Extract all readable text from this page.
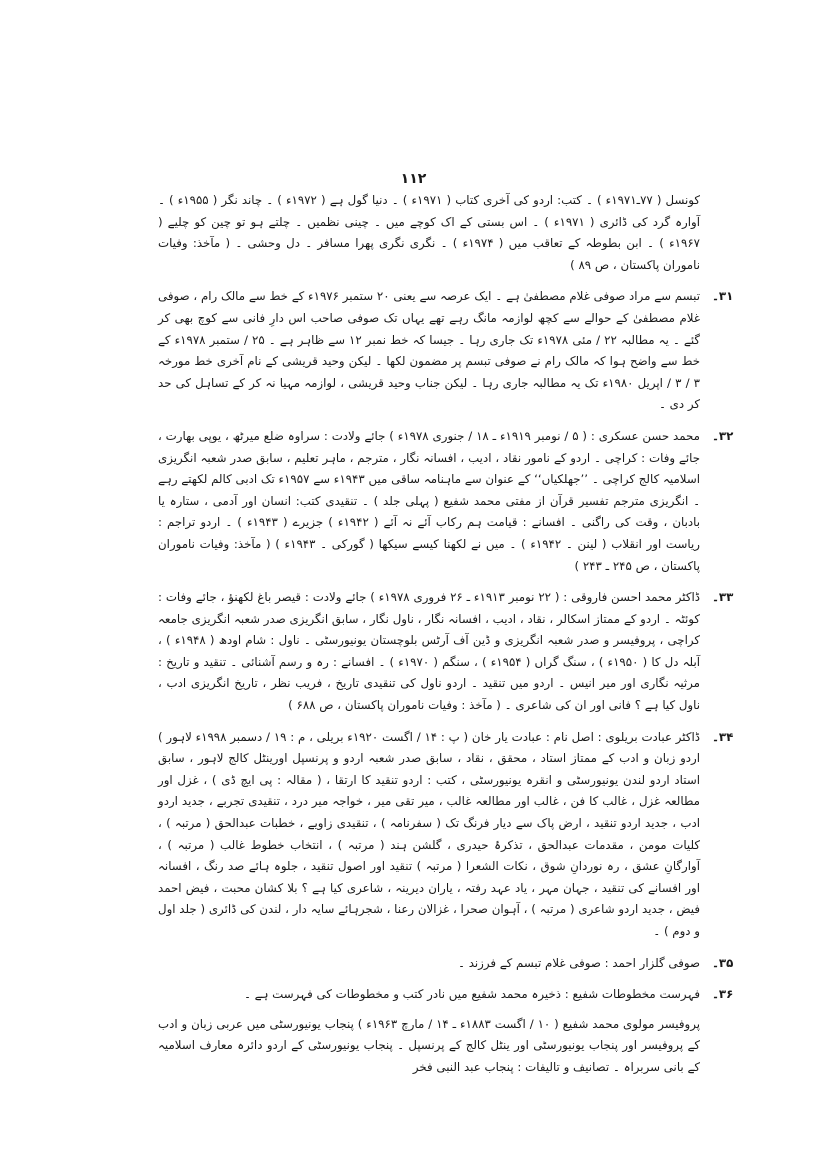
۱۱۲

کونسل ( ۷۷ـ۱۹۷۱ء ) ۔ کتب: اردو کی آخری کتاب ( ۱۹۷۱ء ) ۔ دنیا گول ہے ( ۱۹۷۲ء ) ۔ چاند نگر ( ۱۹۵۵ء ) ۔ آوارہ گرد کی ڈائری ( ۱۹۷۱ء ) ۔ اس بستی کے اک کوچے میں ۔ چینی نظمیں ۔ چلتے ہو تو چین کو چلیے ( ۱۹۶۷ء ) ۔ ابن بطوطہ کے تعاقب میں ( ۱۹۷۴ء ) ۔ نگری نگری پھرا مسافر ۔ دل وحشی ۔ ( مآخذ: وفیات ناموران پاکستان ، ص ۸۹ )

۳۱۔

تبسم سے مراد صوفی غلام مصطفیٰ ہے ۔ ایک عرصہ سے یعنی ۲۰ ستمبر ۱۹۷۶ء کے خط سے مالک رام ، صوفی غلام مصطفیٰ کے حوالے سے کچھ لوازمہ مانگ رہے تھے یہاں تک صوفی صاحب اس دارِ فانی سے کوچ بھی کر گئے ۔ یہ مطالبہ ۲۲ / مئی ۱۹۷۸ء تک جاری رہا ۔ جیسا کہ خط نمبر ۱۲ سے ظاہر ہے ۔ ۲۵ / ستمبر ۱۹۷۸ء کے خط سے واضح ہوا کہ مالک رام نے صوفی تبسم پر مضمون لکھا ۔ لیکن وحید قریشی کے نام آخری خط مورخہ ۳ / ۳ / اپریل ۱۹۸۰ء تک یہ مطالبہ جاری رہا ۔ لیکن جناب وحید قریشی ، لوازمہ مہیا نہ کر کے تساہل کی حد کر دی ۔

۳۲۔

محمد حسن عسکری : ( ۵ / نومبر ۱۹۱۹ء ـ ۱۸ / جنوری ۱۹۷۸ء ) جائے ولادت : سراوہ ضلع میرٹھ ، یوپی بھارت ، جائے وفات : کراچی ۔ اردو کے نامور نقاد ، ادیب ، افسانہ نگار ، مترجم ، ماہر تعلیم ، سابق صدر شعبہ انگریزی اسلامیہ کالج کراچی ۔ ’’جھلکیاں‘‘ کے عنوان سے ماہنامہ ساقی میں ۱۹۴۳ء سے ۱۹۵۷ء تک ادبی کالم لکھتے رہے ۔ انگریزی مترجم تفسیر قرآن از مفتی محمد شفیع ( پہلی جلد ) ۔ تنقیدی کتب: انسان اور آدمی ، ستارہ یا بادبان ، وقت کی راگنی ۔ افسانے : قیامت ہم رکاب آئے نہ آئے ( ۱۹۴۲ء ) جزیرے ( ۱۹۴۳ء ) ۔ اردو تراجم : ریاست اور انقلاب ( لینن ۔ ۱۹۴۲ء ) ۔ میں نے لکھنا کیسے سیکھا ( گورکی ۔ ۱۹۴۳ء ) ( مآخذ: وفیات ناموران پاکستان ، ص ۲۴۵ ـ ۲۴۳ )

۳۳۔

ڈاکٹر محمد احسن فاروقی : ( ۲۲ نومبر ۱۹۱۳ء ـ ۲۶ فروری ۱۹۷۸ء ) جائے ولادت : قیصر باغ لکھنؤ ، جائے وفات : کوئٹہ ۔ اردو کے ممتاز اسکالر ، نقاد ، ادیب ، افسانہ نگار ، ناول نگار ، سابق انگریزی صدر شعبہ انگریزی جامعہ کراچی ، پروفیسر و صدر شعبہ انگریزی و ڈین آف آرٹس بلوچستان یونیورسٹی ۔ ناول : شام اودھ ( ۱۹۴۸ء ) ، آبلہ دل کا ( ۱۹۵۰ء ) ، سنگ گراں ( ۱۹۵۴ء ) ، سنگم ( ۱۹۷۰ء ) ۔ افسانے : رہ و رسم آشنائی ۔ تنقید و تاریخ : مرثیہ نگاری اور میر انیس ۔ اردو میں تنقید ۔ اردو ناول کی تنقیدی تاریخ ، فریب نظر ، تاریخ انگریزی ادب ، ناول کیا ہے ؟ فانی اور ان کی شاعری ۔ ( مآخذ : وفیات ناموران پاکستان ، ص ۶۸۸ )

۳۴۔

ڈاکٹر عبادت بریلوی : اصل نام : عبادت یار خان ( پ : ۱۴ / اگست ۱۹۲۰ء بریلی ، م : ۱۹ / دسمبر ۱۹۹۸ء لاہور ) اردو زبان و ادب کے ممتاز استاد ، محقق ، نقاد ، سابق صدر شعبہ اردو و پرنسپل اورینٹل کالج لاہور ، سابق استاد اردو لندن یونیورسٹی و انقرہ یونیورسٹی ، کتب : اردو تنقید کا ارتقا ، ( مقالہ : پی ایچ ڈی ) ، غزل اور مطالعہ غزل ، غالب کا فن ، غالب اور مطالعہ غالب ، میر تقی میر ، خواجہ میر درد ، تنقیدی تجربے ، جدید اردو ادب ، جدید اردو تنقید ، ارض پاک سے دیار فرنگ تک ( سفرنامہ ) ، تنقیدی زاویے ، خطبات عبدالحق ( مرتبہ ) ، کلیات مومن ، مقدمات عبدالحق ، تذکرۂ حیدری ، گلشن ہند ( مرتبہ ) ، انتخاب خطوط غالب ( مرتبہ ) ، آوارگانِ عشق ، رہ نوردانِ شوق ، نکات الشعرا ( مرتبہ ) تنقید اور اصول تنقید ، جلوہ ہائے صد رنگ ، افسانہ اور افسانے کی تنقید ، جہان مہر ، یاد عہد رفتہ ، یاران دیرینہ ، شاعری کیا ہے ؟ بلا کشان محبت ، فیض احمد فیض ، جدید اردو شاعری ( مرتبہ ) ، آہوان صحرا ، غزالان رعنا ، شجرہائے سایہ دار ، لندن کی ڈائری ( جلد اول و دوم ) ۔

۳۵۔

صوفی گلزار احمد : صوفی غلام تبسم کے فرزند ۔

۳۶۔

فہرست مخطوطات شفیع : ذخیرہ محمد شفیع میں نادر کتب و مخطوطات کی فہرست ہے ۔

پروفیسر مولوی محمد شفیع ( ۱۰ / اگست ۱۸۸۳ء ـ ۱۴ / مارچ ۱۹۶۳ء ) پنجاب یونیورسٹی میں عربی زبان و ادب کے پروفیسر اور پنجاب یونیورسٹی اور ینٹل کالج کے پرنسپل ۔ پنجاب یونیورسٹی کے اردو دائرہ معارف اسلامیہ کے بانی سربراہ ۔ تصانیف و تالیفات : پنجاب عبد النبی فخر
